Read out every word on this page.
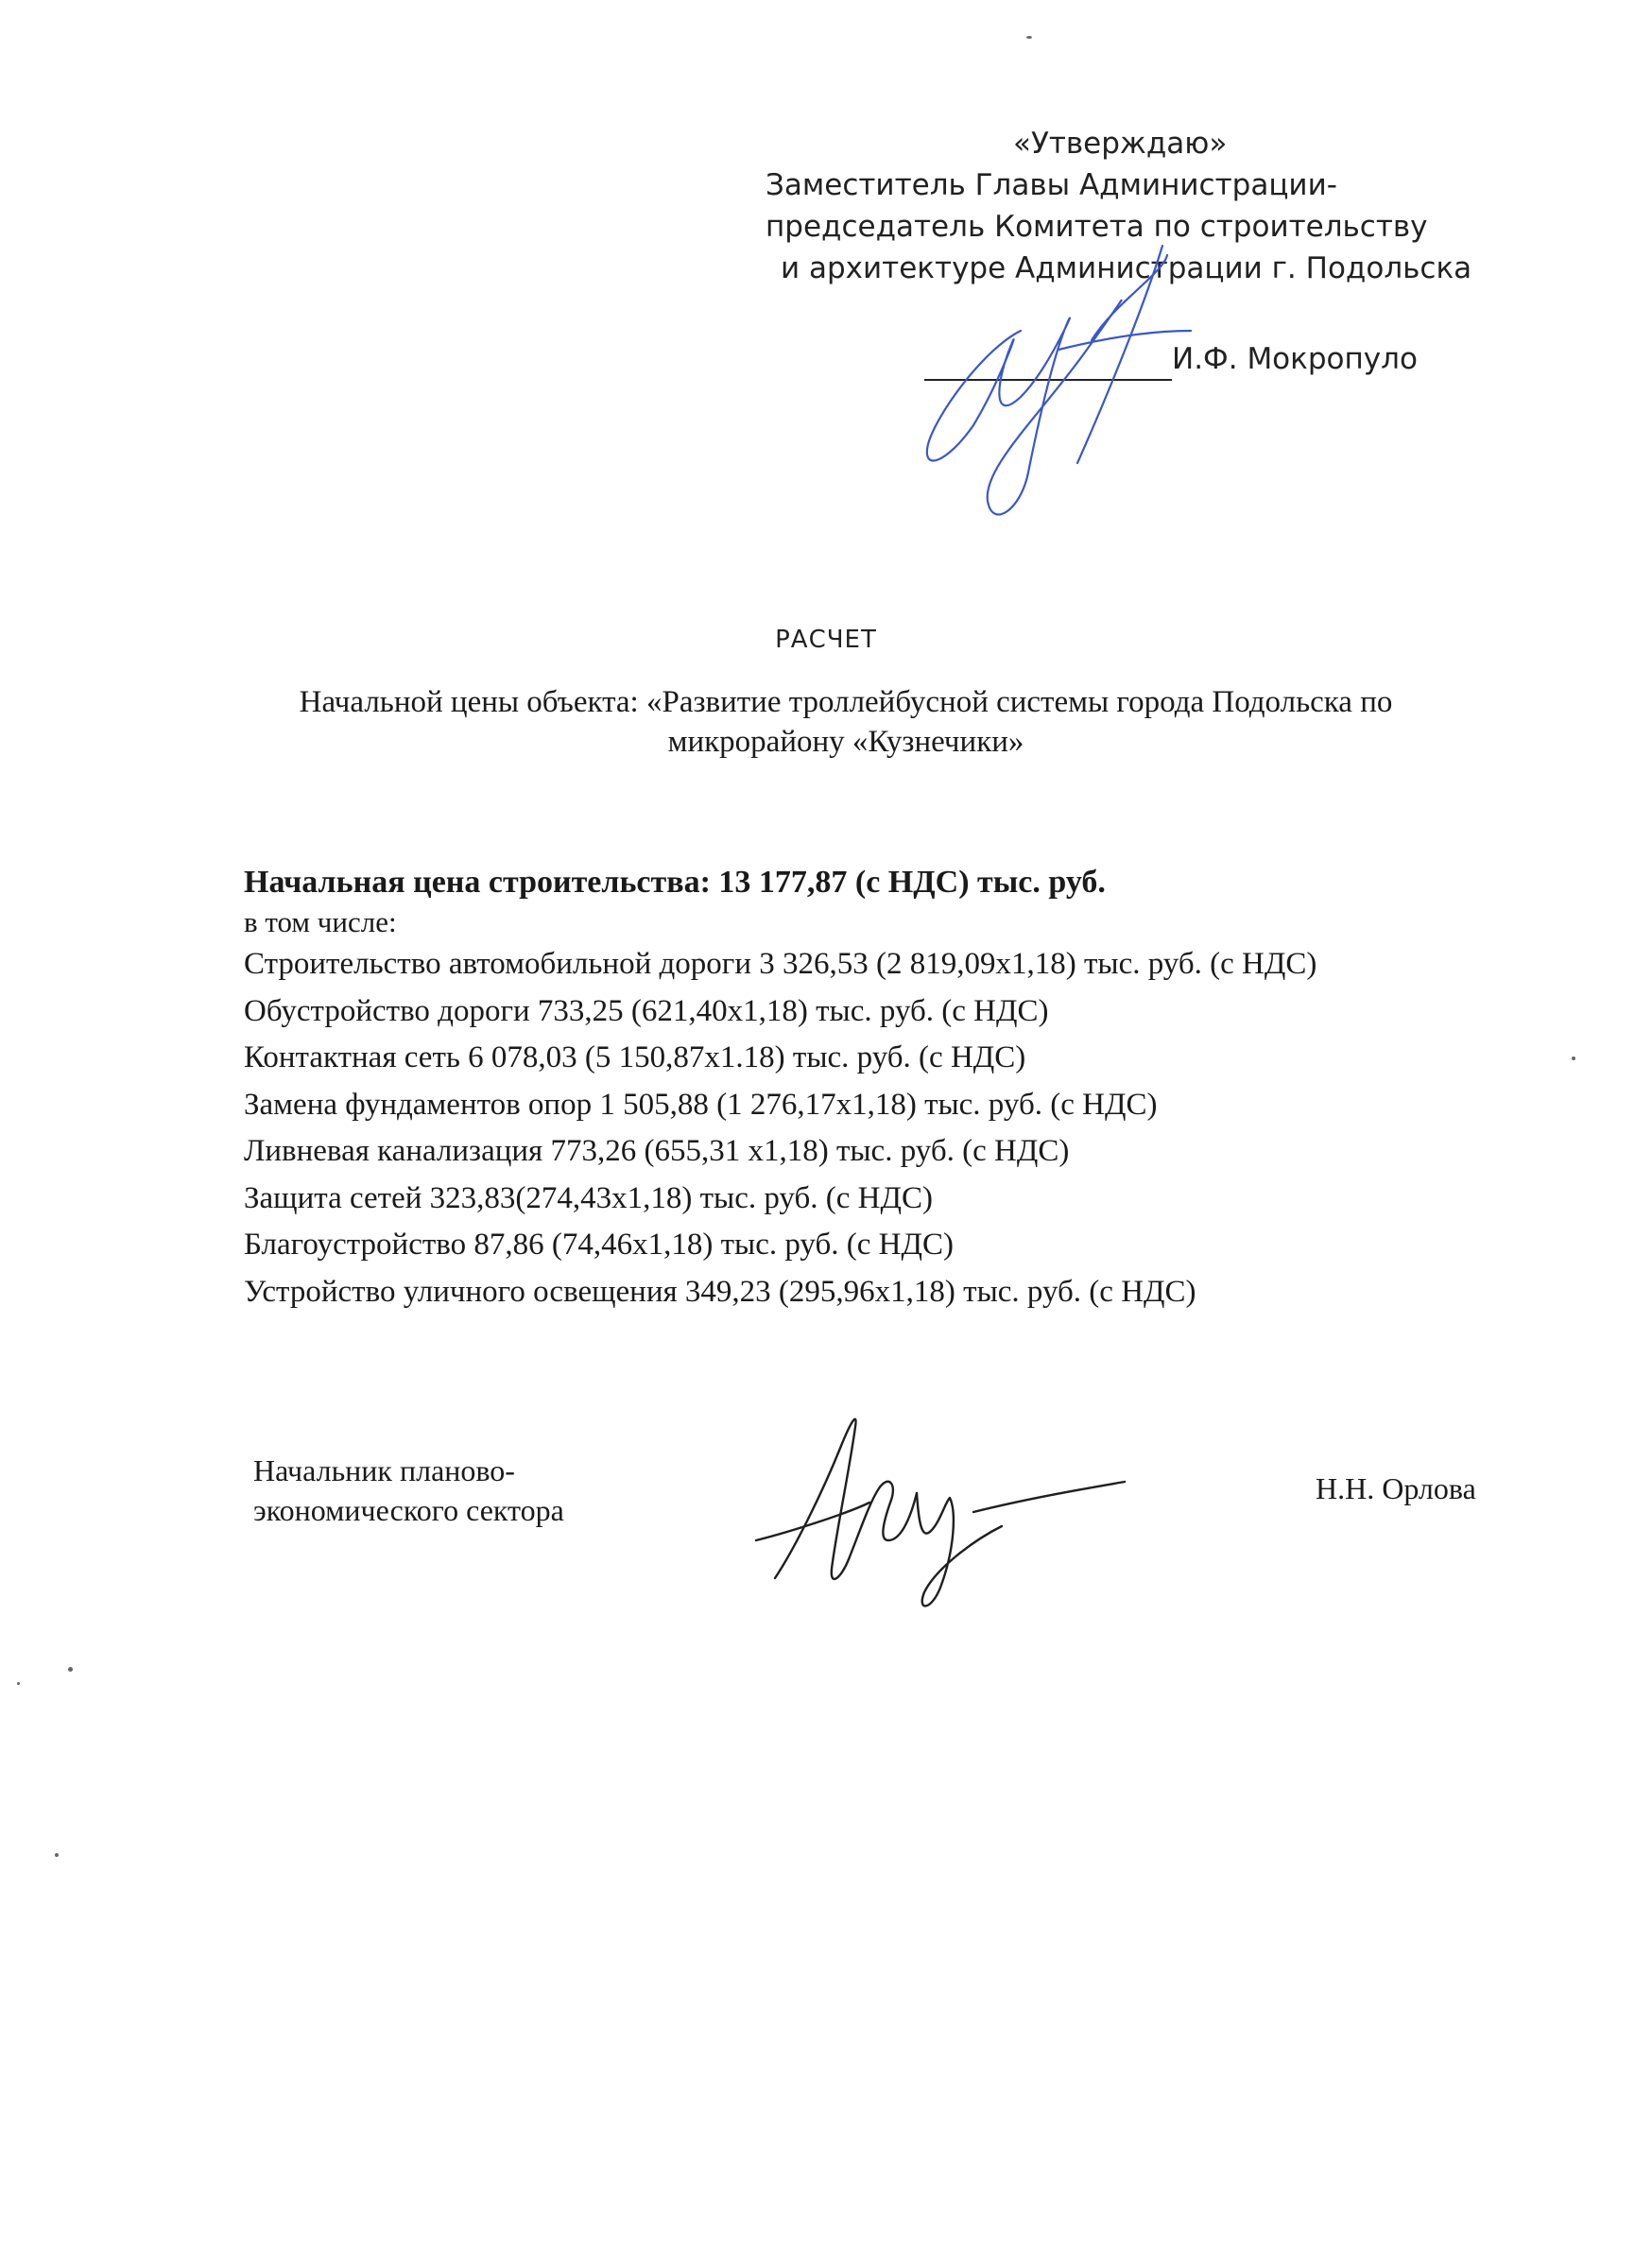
«Утверждаю»
Заместитель Главы Администрации-
председатель Комитета по строительству
и архитектуре Администрации г. Подольска
И.Ф. Мокропуло
РАСЧЕТ
Начальной цены объекта: «Развитие троллейбусной системы города Подольска по
микрорайону «Кузнечики»
Начальная цена строительства: 13 177,87 (с НДС) тыс. руб.
в том числе:
Строительство автомобильной дороги 3 326,53 (2 819,09х1,18) тыс. руб. (с НДС)
Обустройство дороги 733,25 (621,40х1,18) тыс. руб. (с НДС)
Контактная сеть 6 078,03 (5 150,87х1.18) тыс. руб. (с НДС)
Замена фундаментов опор 1 505,88 (1 276,17х1,18) тыс. руб. (с НДС)
Ливневая канализация 773,26 (655,31 х1,18) тыс. руб. (с НДС)
Защита сетей 323,83(274,43х1,18) тыс. руб. (с НДС)
Благоустройство 87,86 (74,46х1,18) тыс. руб. (с НДС)
Устройство уличного освещения 349,23 (295,96х1,18) тыс. руб. (с НДС)
Начальник планово-
экономического сектора
Н.Н. Орлова
